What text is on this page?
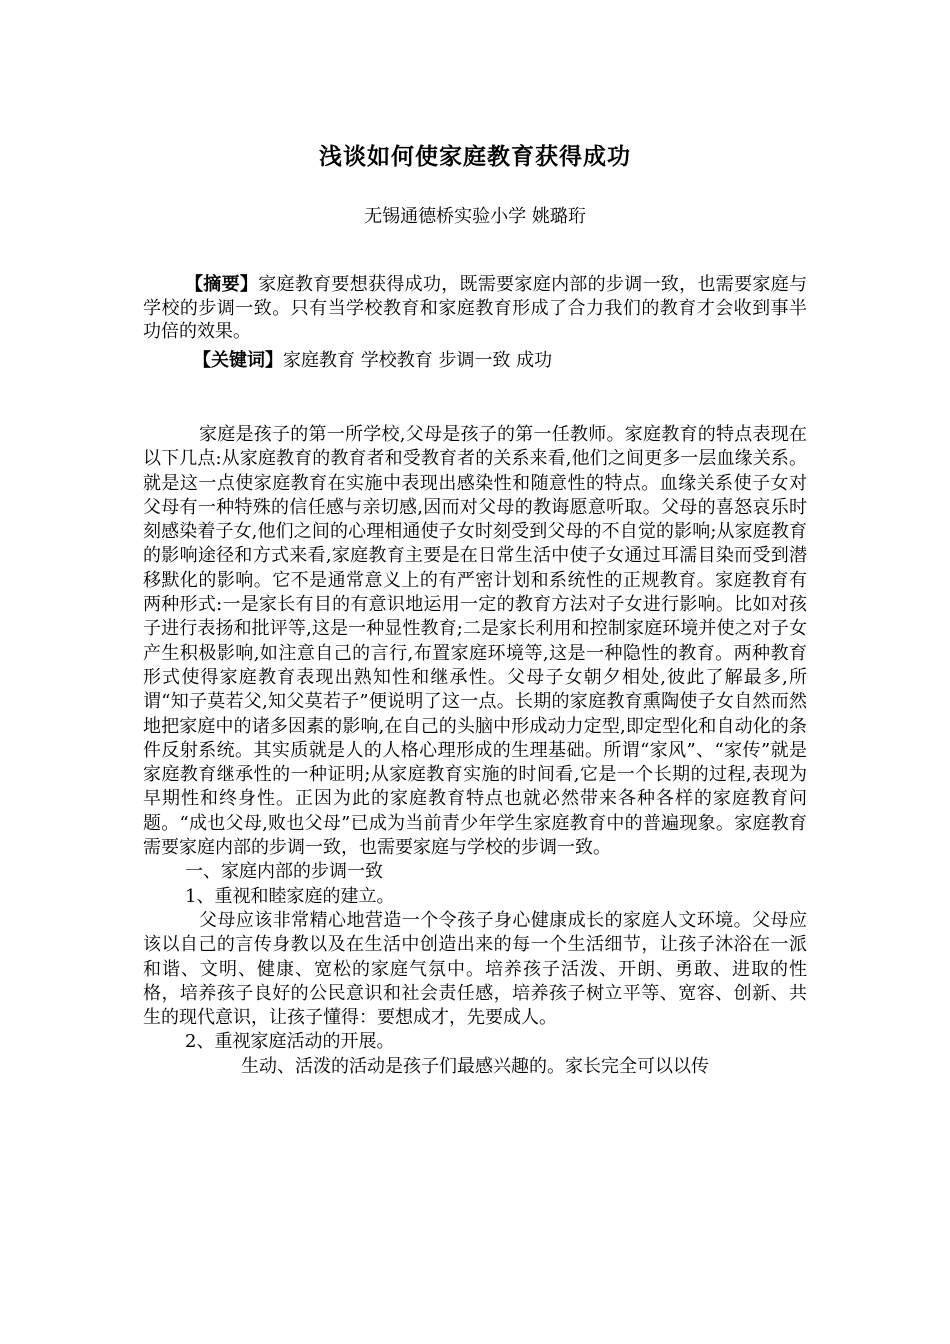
浅谈如何使家庭教育获得成功
无锡通德桥实验小学 姚璐珩
【摘要】家庭教育要想获得成功，既需要家庭内部的步调一致，也需要家庭与学校的步调一致。只有当学校教育和家庭教育形成了合力我们的教育才会收到事半功倍的效果。
【关键词】家庭教育 学校教育 步调一致 成功

家庭是孩子的第一所学校,父母是孩子的第一任教师。家庭教育的特点表现在以下几点:从家庭教育的教育者和受教育者的关系来看,他们之间更多一层血缘关系。就是这一点使家庭教育在实施中表现出感染性和随意性的特点。血缘关系使子女对父母有一种特殊的信任感与亲切感,因而对父母的教诲愿意听取。父母的喜怒哀乐时刻感染着子女,他们之间的心理相通使子女时刻受到父母的不自觉的影响;从家庭教育的影响途径和方式来看,家庭教育主要是在日常生活中使子女通过耳濡目染而受到潜移默化的影响。它不是通常意义上的有严密计划和系统性的正规教育。家庭教育有两种形式:一是家长有目的有意识地运用一定的教育方法对子女进行影响。比如对孩子进行表扬和批评等,这是一种显性教育;二是家长利用和控制家庭环境并使之对子女产生积极影响,如注意自己的言行,布置家庭环境等,这是一种隐性的教育。两种教育形式使得家庭教育表现出熟知性和继承性。父母子女朝夕相处,彼此了解最多,所谓“知子莫若父,知父莫若子”便说明了这一点。长期的家庭教育熏陶使子女自然而然地把家庭中的诸多因素的影响,在自己的头脑中形成动力定型,即定型化和自动化的条件反射系统。其实质就是人的人格心理形成的生理基础。所谓“家风”、“家传”就是家庭教育继承性的一种证明;从家庭教育实施的时间看,它是一个长期的过程,表现为早期性和终身性。正因为此的家庭教育特点也就必然带来各种各样的家庭教育问题。“成也父母,败也父母”已成为当前青少年学生家庭教育中的普遍现象。家庭教育需要家庭内部的步调一致，也需要家庭与学校的步调一致。

一、家庭内部的步调一致

1、重视和睦家庭的建立。

父母应该非常精心地营造一个令孩子身心健康成长的家庭人文环境。父母应该以自己的言传身教以及在生活中创造出来的每一个生活细节，让孩子沐浴在一派和谐、文明、健康、宽松的家庭气氛中。培养孩子活泼、开朗、勇敢、进取的性格，培养孩子良好的公民意识和社会责任感，培养孩子树立平等、宽容、创新、共生的现代意识，让孩子懂得：要想成才，先要成人。

2、重视家庭活动的开展。

生动、活泼的活动是孩子们最感兴趣的。家长完全可以以传
